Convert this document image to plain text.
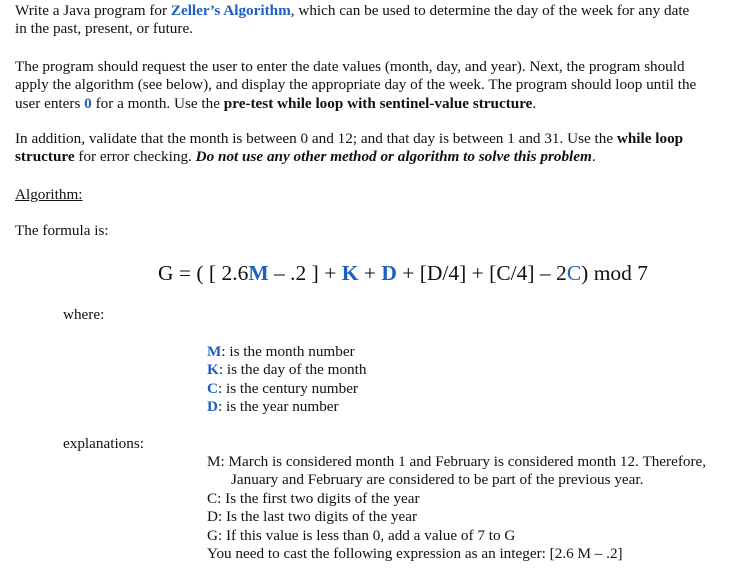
Write a Java program for Zeller’s Algorithm, which can be used to determine the day of the week for any date
in the past, present, or future.

The program should request the user to enter the date values (month, day, and year). Next, the program should
apply the algorithm (see below), and display the appropriate day of the week. The program should loop until the
user enters 0 for a month. Use the pre-test while loop with sentinel-value structure.

In addition, validate that the month is between 0 and 12; and that day is between 1 and 31. Use the while loop
structure for error checking. Do not use any other method or algorithm to solve this problem.

Algorithm:
The formula is:
G = ( [ 2.6M – .2 ] + K + D + [D/4] + [C/4] – 2C) mod 7
where:
M: is the month number
K: is the day of the month
C: is the century number
D: is the year number
explanations:
M: March is considered month 1 and February is considered month 12. Therefore,
January and February are considered to be part of the previous year.
C: Is the first two digits of the year
D: Is the last two digits of the year
G: If this value is less than 0, add a value of 7 to G
You need to cast the following expression as an integer: [2.6 M – .2]
